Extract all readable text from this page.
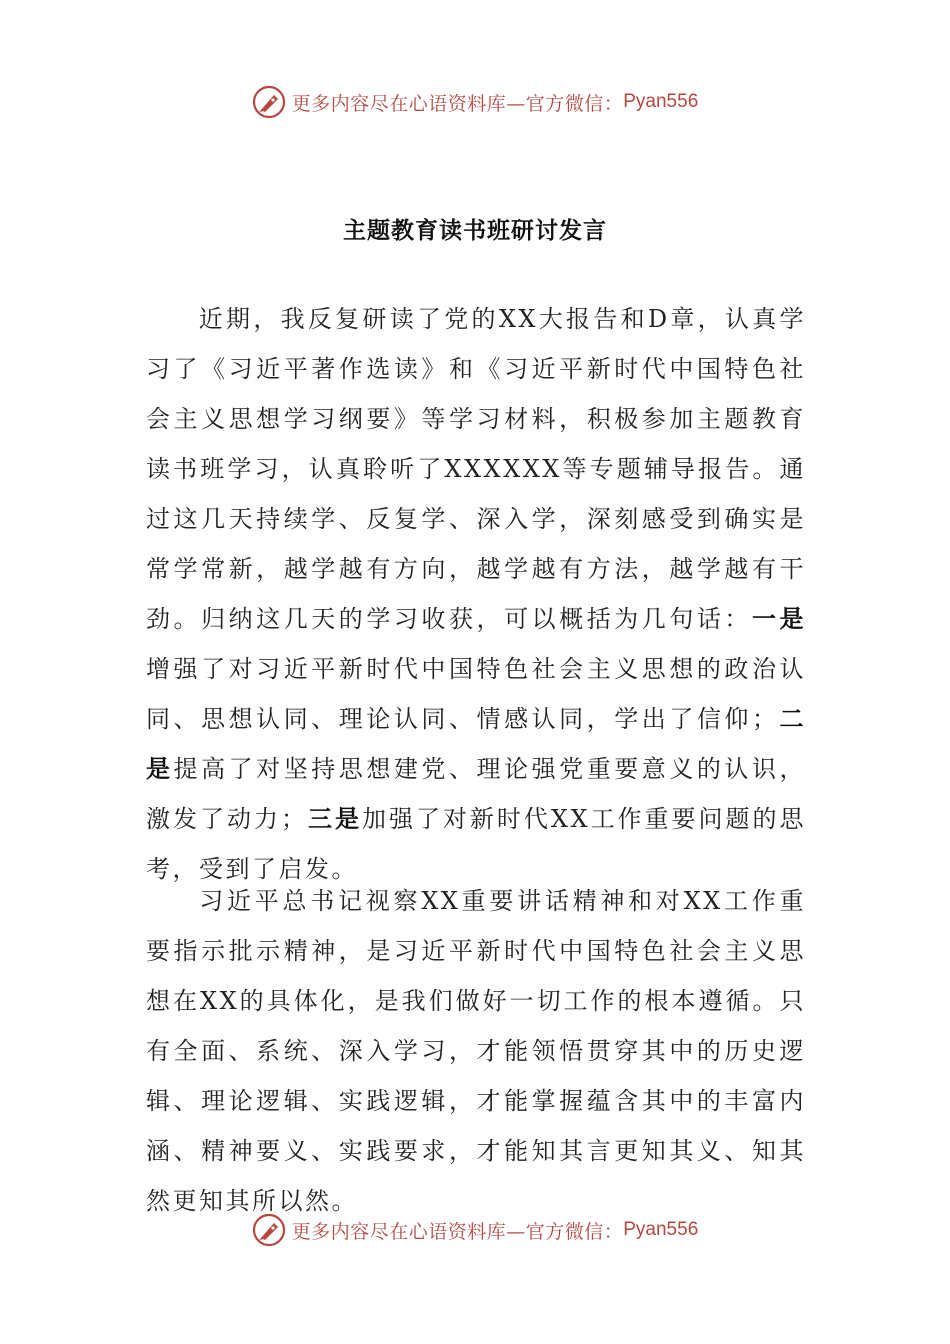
更多内容尽在心语资料库—官方微信： Pyan556
主题教育读书班研讨发言

近期，我反复研读了党的XX大报告和D章，认真学习了《习近平著作选读》和《习近平新时代中国特色社会主义思想学习纲要》等学习材料，积极参加主题教育读书班学习，认真聆听了XXXXXX等专题辅导报告。通过这几天持续学、反复学、深入学，深刻感受到确实是常学常新，越学越有方向，越学越有方法，越学越有干劲。归纳这几天的学习收获，可以概括为几句话：一是增强了对习近平新时代中国特色社会主义思想的政治认同、思想认同、理论认同、情感认同，学出了信仰；二是提高了对坚持思想建党、理论强党重要意义的认识，激发了动力；三是加强了对新时代XX工作重要问题的思考，受到了启发。

习近平总书记视察XX重要讲话精神和对XX工作重要指示批示精神，是习近平新时代中国特色社会主义思想在XX的具体化，是我们做好一切工作的根本遵循。只有全面、系统、深入学习，才能领悟贯穿其中的历史逻辑、理论逻辑、实践逻辑，才能掌握蕴含其中的丰富内涵、精神要义、实践要求，才能知其言更知其义、知其然更知其所以然。

更多内容尽在心语资料库—官方微信： Pyan556
